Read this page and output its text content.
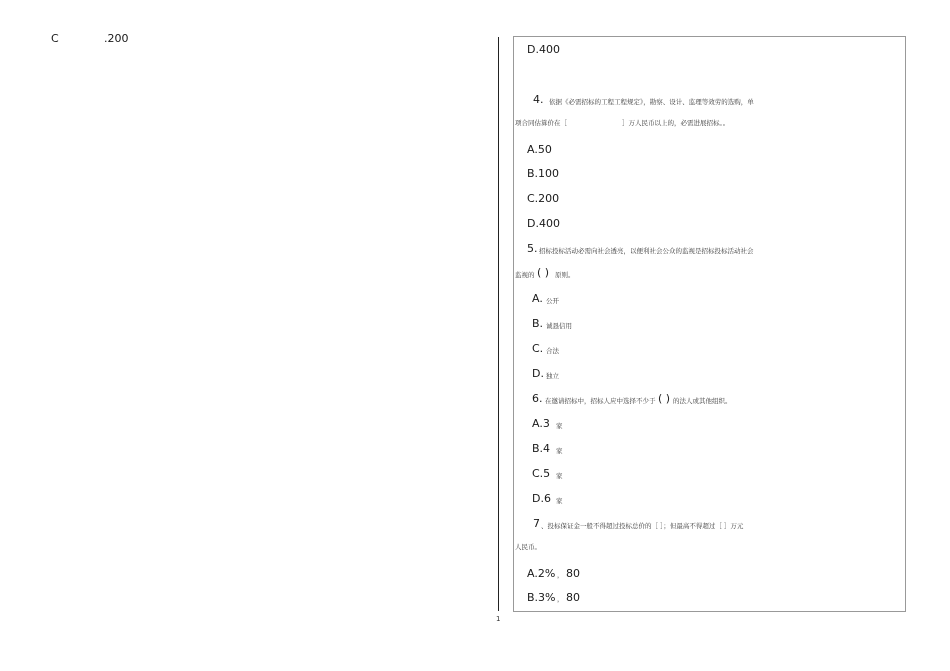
C	.200
D.400
4. 依据《必需招标的工程工程规定》，勘察、设计、监理等效劳的选购，单
项合同估算价在［	］万人民币以上的，必需进展招标。。
A.50
B.100
C.200
D.400
5. 招标投标活动必需向社会透亮，以便利社会公众的监视是招标投标活动社会
监视的 ( ) 原则。
A. 公开
B. 诚恳信用
C. 合法
D. 独立
6. 在邀请招标中，招标人应中选择不少于 ( ) 的法人或其他组织。
A.3 家
B.4 家
C.5 家
D.6 家
7 、投标保证金一般不得超过投标总价的［ ］；但最高不得超过［ ］万元
人民币。
A.2% ， 80
B.3% ， 80
1
